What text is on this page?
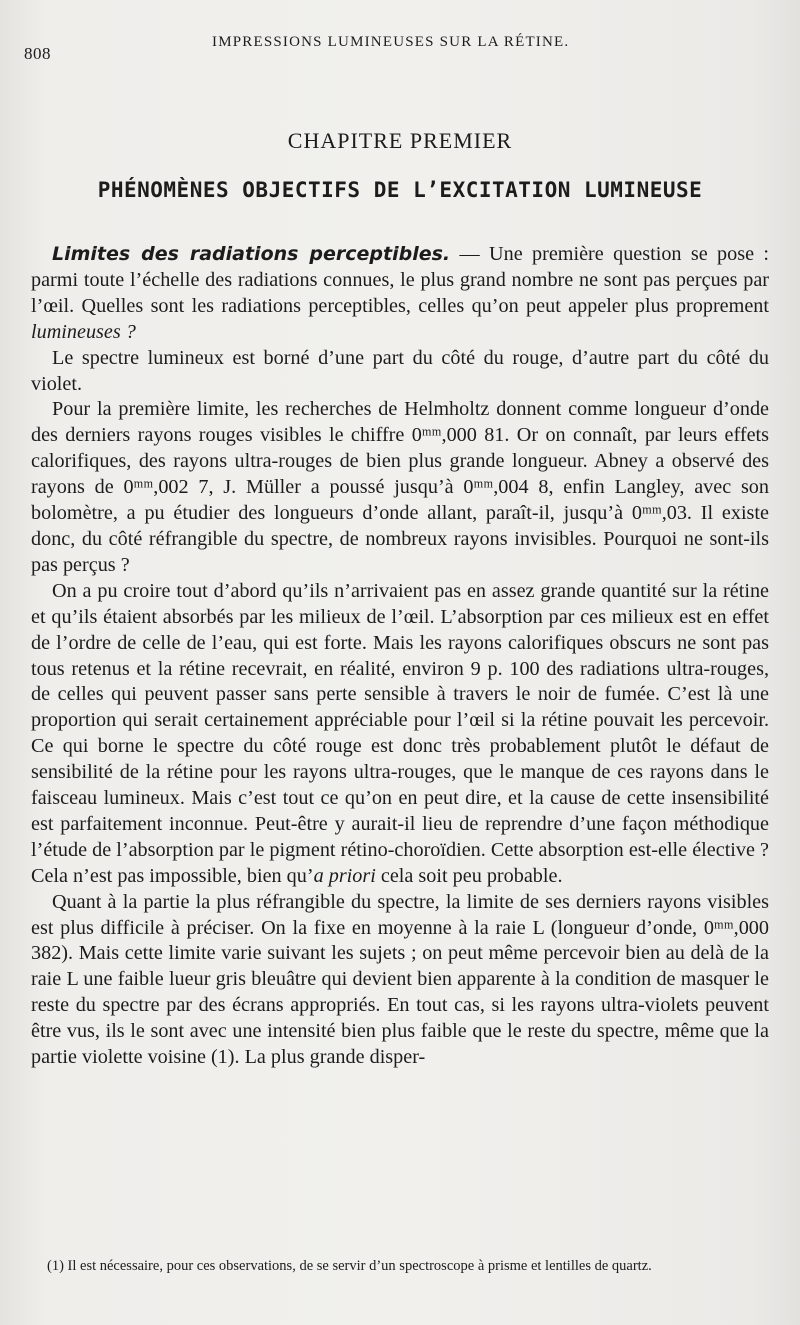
808
IMPRESSIONS LUMINEUSES SUR LA RÉTINE.
CHAPITRE PREMIER
PHÉNOMÈNES OBJECTIFS DE L’EXCITATION LUMINEUSE

Limites des radiations perceptibles. — Une première question se pose : parmi toute l’échelle des radiations connues, le plus grand nombre ne sont pas perçues par l’œil. Quelles sont les radiations perceptibles, celles qu’on peut appeler plus proprement lumineuses ?

Le spectre lumineux est borné d’une part du côté du rouge, d’autre part du côté du violet.

Pour la première limite, les recherches de Helmholtz donnent comme longueur d’onde des derniers rayons rouges visibles le chiffre 0ᵐᵐ,000 81. Or on connaît, par leurs effets calorifiques, des rayons ultra-rouges de bien plus grande longueur. Abney a observé des rayons de 0ᵐᵐ,002 7, J. Müller a poussé jusqu’à 0ᵐᵐ,004 8, enfin Langley, avec son bolomètre, a pu étudier des longueurs d’onde allant, paraît-il, jusqu’à 0ᵐᵐ,03. Il existe donc, du côté réfrangible du spectre, de nombreux rayons invisibles. Pourquoi ne sont-ils pas perçus ?

On a pu croire tout d’abord qu’ils n’arrivaient pas en assez grande quantité sur la rétine et qu’ils étaient absorbés par les milieux de l’œil. L’absorption par ces milieux est en effet de l’ordre de celle de l’eau, qui est forte. Mais les rayons calorifiques obscurs ne sont pas tous retenus et la rétine recevrait, en réalité, environ 9 p. 100 des radiations ultra-rouges, de celles qui peuvent passer sans perte sensible à travers le noir de fumée. C’est là une proportion qui serait certainement appréciable pour l’œil si la rétine pouvait les percevoir. Ce qui borne le spectre du côté rouge est donc très probablement plutôt le défaut de sensibilité de la rétine pour les rayons ultra-rouges, que le manque de ces rayons dans le faisceau lumineux. Mais c’est tout ce qu’on en peut dire, et la cause de cette insensibilité est parfaitement inconnue. Peut-être y aurait-il lieu de reprendre d’une façon méthodique l’étude de l’absorption par le pigment rétino-choroïdien. Cette absorption est-elle élective ? Cela n’est pas impossible, bien qu’a priori cela soit peu probable.

Quant à la partie la plus réfrangible du spectre, la limite de ses derniers rayons visibles est plus difficile à préciser. On la fixe en moyenne à la raie L (longueur d’onde, 0ᵐᵐ,000 382). Mais cette limite varie suivant les sujets ; on peut même percevoir bien au delà de la raie L une faible lueur gris bleuâtre qui devient bien apparente à la condition de masquer le reste du spectre par des écrans appropriés. En tout cas, si les rayons ultra-violets peuvent être vus, ils le sont avec une intensité bien plus faible que le reste du spectre, même que la partie violette voisine (1). La plus grande disper-

(1) Il est nécessaire, pour ces observations, de se servir d’un spectroscope à prisme et lentilles de quartz.
